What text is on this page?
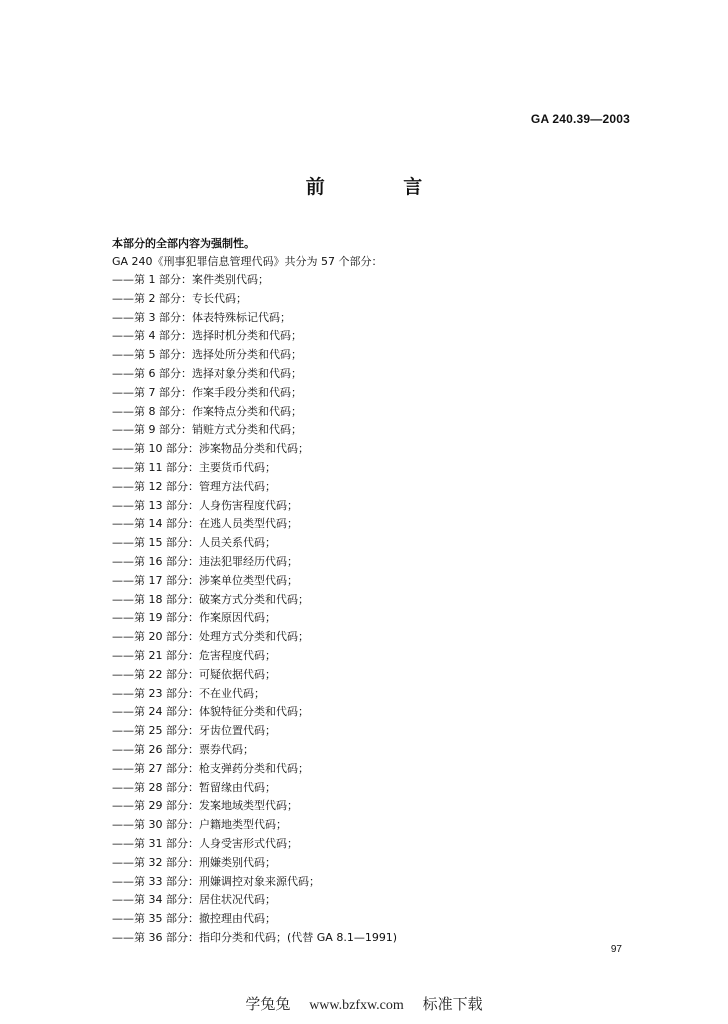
GA 240.39—2003
前 言
本部分的全部内容为强制性。
GA 240《刑事犯罪信息管理代码》共分为 57 个部分：
——第 1 部分：案件类别代码；
——第 2 部分：专长代码；
——第 3 部分：体表特殊标记代码；
——第 4 部分：选择时机分类和代码；
——第 5 部分：选择处所分类和代码；
——第 6 部分：选择对象分类和代码；
——第 7 部分：作案手段分类和代码；
——第 8 部分：作案特点分类和代码；
——第 9 部分：销赃方式分类和代码；
——第 10 部分：涉案物品分类和代码；
——第 11 部分：主要货币代码；
——第 12 部分：管理方法代码；
——第 13 部分：人身伤害程度代码；
——第 14 部分：在逃人员类型代码；
——第 15 部分：人员关系代码；
——第 16 部分：违法犯罪经历代码；
——第 17 部分：涉案单位类型代码；
——第 18 部分：破案方式分类和代码；
——第 19 部分：作案原因代码；
——第 20 部分：处理方式分类和代码；
——第 21 部分：危害程度代码；
——第 22 部分：可疑依据代码；
——第 23 部分：不在业代码；
——第 24 部分：体貌特征分类和代码；
——第 25 部分：牙齿位置代码；
——第 26 部分：票券代码；
——第 27 部分：枪支弹药分类和代码；
——第 28 部分：暂留缘由代码；
——第 29 部分：发案地域类型代码；
——第 30 部分：户籍地类型代码；
——第 31 部分：人身受害形式代码；
——第 32 部分：刑嫌类别代码；
——第 33 部分：刑嫌调控对象来源代码；
——第 34 部分：居住状况代码；
——第 35 部分：撤控理由代码；
——第 36 部分：指印分类和代码；(代替 GA 8.1—1991)
97
学兔兔 www.bzfxw.com 标准下载
